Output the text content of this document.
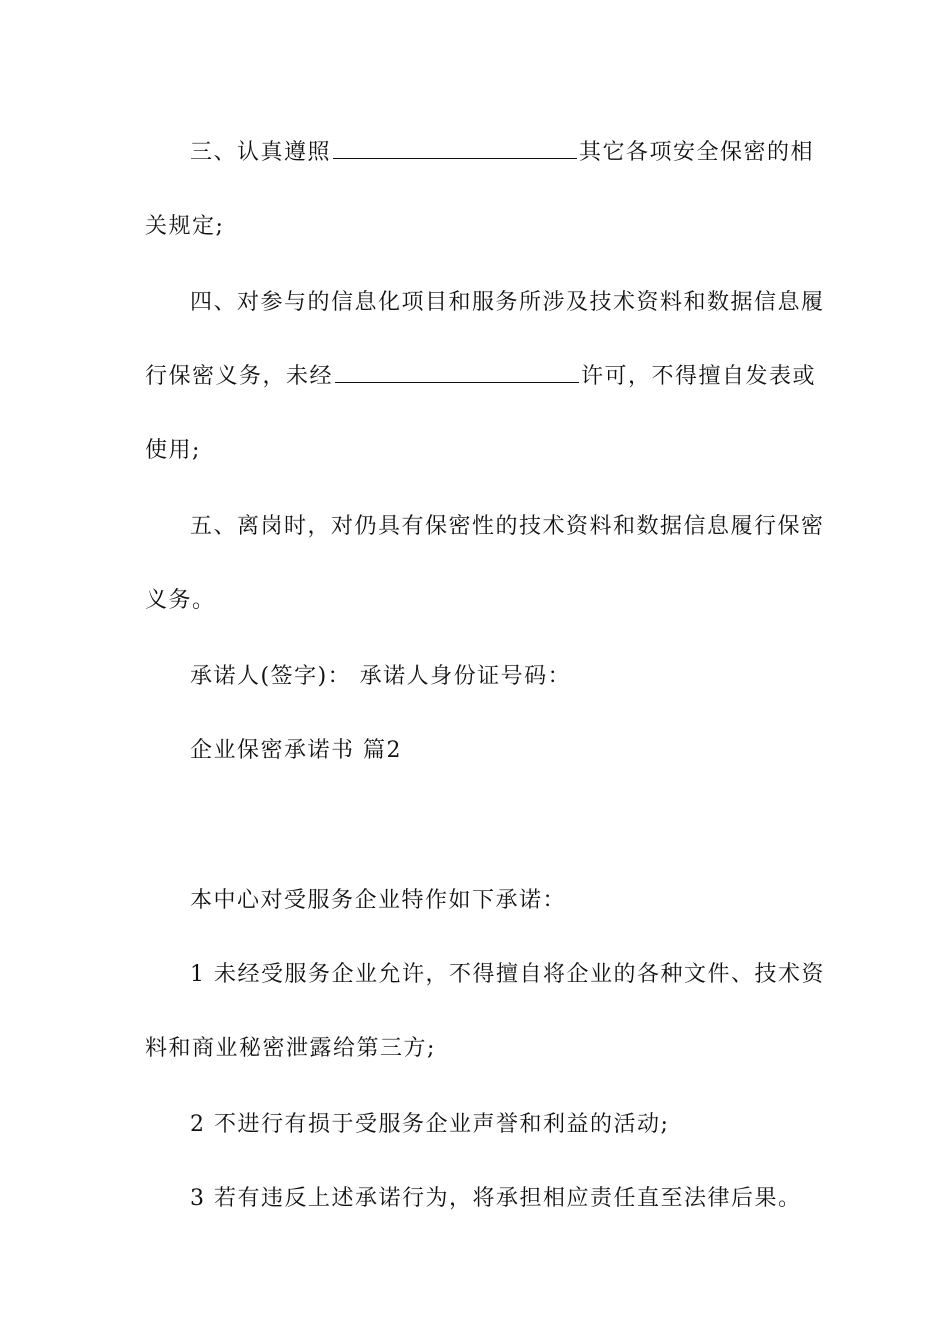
三、认真遵照	其它各项安全保密的相
关规定;
四、对参与的信息化项目和服务所涉及技术资料和数据信息履
行保密义务，未经	许可，不得擅自发表或
使用;
五、离岗时，对仍具有保密性的技术资料和数据信息履行保密
义务。
承诺人(签字)： 承诺人身份证号码：
企业保密承诺书 篇2
本中心对受服务企业特作如下承诺：
1 未经受服务企业允许，不得擅自将企业的各种文件、技术资
料和商业秘密泄露给第三方;
2 不进行有损于受服务企业声誉和利益的活动;
3 若有违反上述承诺行为，将承担相应责任直至法律后果。
